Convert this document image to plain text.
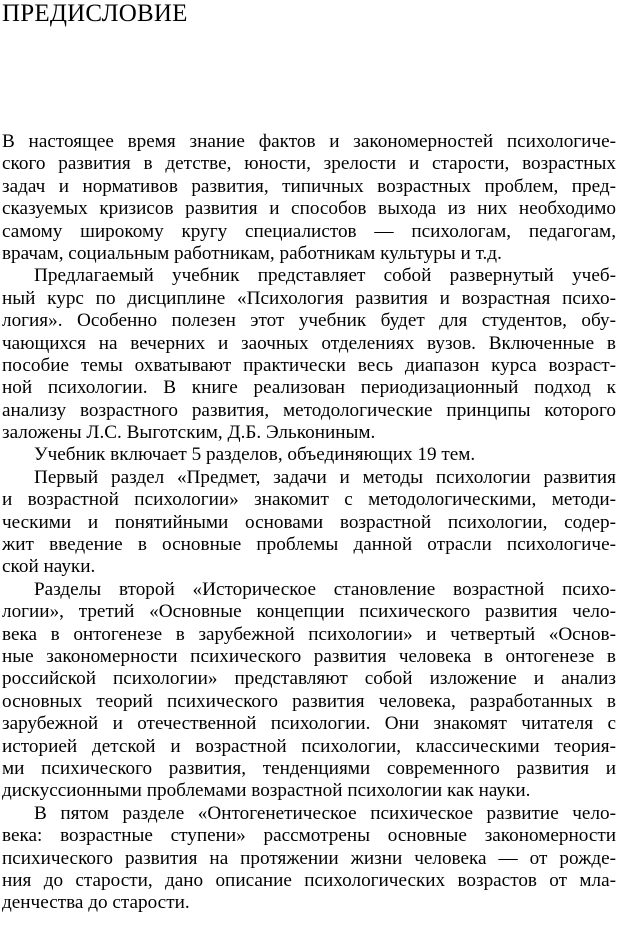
ПРЕДИСЛОВИЕ
В настоящее время знание фактов и закономерностей психологиче-
ского развития в детстве, юности, зрелости и старости, возрастных
задач и нормативов развития, типичных возрастных проблем, пред-
сказуемых кризисов развития и способов выхода из них необходимо
самому широкому кругу специалистов — психологам, педагогам,
врачам, социальным работникам, работникам культуры и т.д.
Предлагаемый учебник представляет собой развернутый учеб-
ный курс по дисциплине «Психология развития и возрастная психо-
логия». Особенно полезен этот учебник будет для студентов, обу-
чающихся на вечерних и заочных отделениях вузов. Включенные в
пособие темы охватывают практически весь диапазон курса возраст-
ной психологии. В книге реализован периодизационный подход к
анализу возрастного развития, методологические принципы которого
заложены Л.С. Выготским, Д.Б. Элькониным.
Учебник включает 5 разделов, объединяющих 19 тем.
Первый раздел «Предмет, задачи и методы психологии развития
и возрастной психологии» знакомит с методологическими, методи-
ческими и понятийными основами возрастной психологии, содер-
жит введение в основные проблемы данной отрасли психологиче-
ской науки.
Разделы второй «Историческое становление возрастной психо-
логии», третий «Основные концепции психического развития чело-
века в онтогенезе в зарубежной психологии» и четвертый «Основ-
ные закономерности психического развития человека в онтогенезе в
российской психологии» представляют собой изложение и анализ
основных теорий психического развития человека, разработанных в
зарубежной и отечественной психологии. Они знакомят читателя с
историей детской и возрастной психологии, классическими теория-
ми психического развития, тенденциями современного развития и
дискуссионными проблемами возрастной психологии как науки.
В пятом разделе «Онтогенетическое психическое развитие чело-
века: возрастные ступени» рассмотрены основные закономерности
психического развития на протяжении жизни человека — от рожде-
ния до старости, дано описание психологических возрастов от мла-
денчества до старости.
